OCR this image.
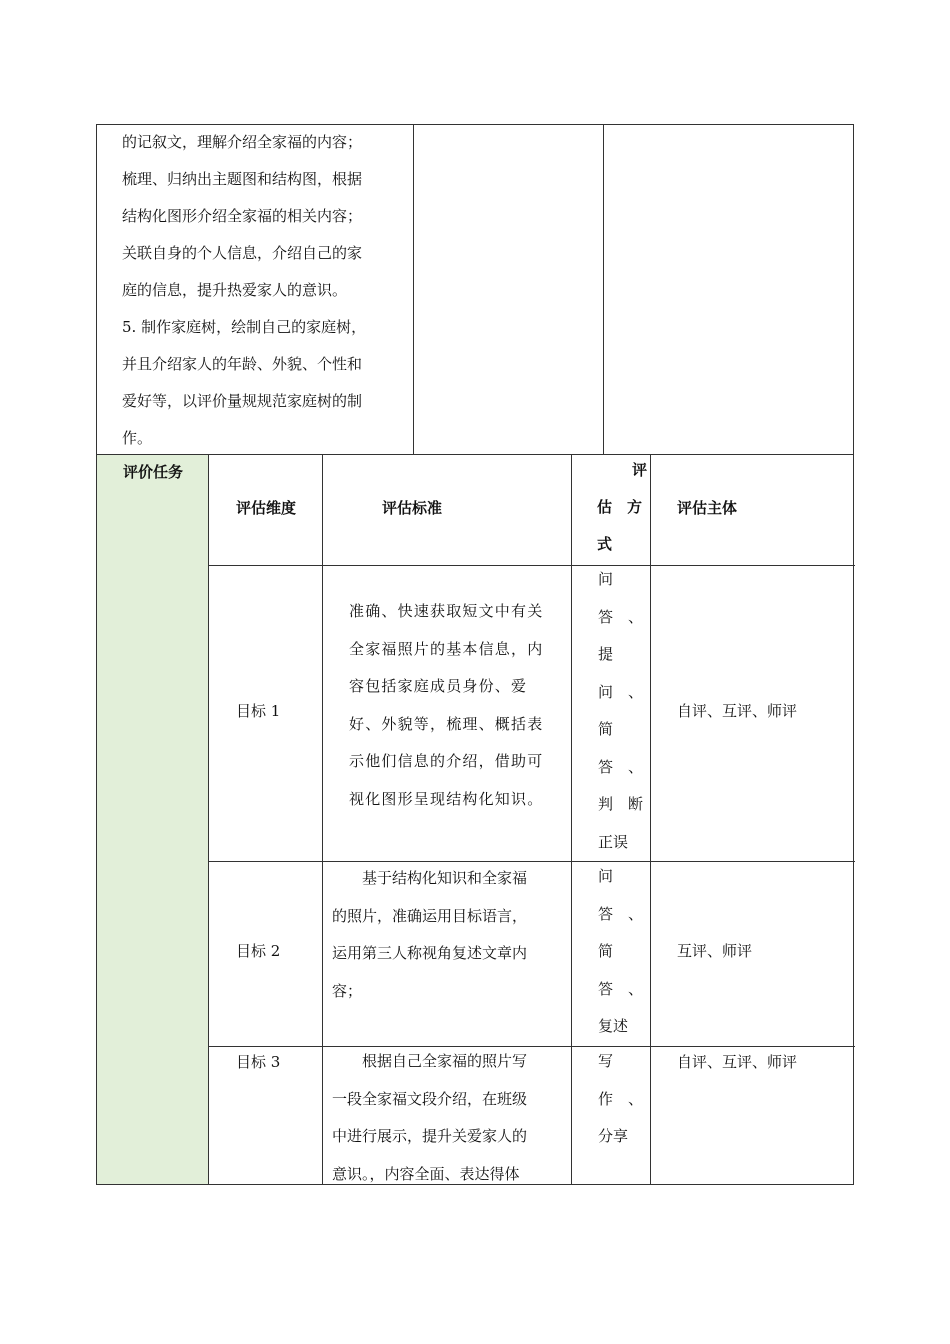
的记叙文，理解介绍全家福的内容；
梳理、归纳出主题图和结构图，根据
结构化图形介绍全家福的相关内容；
关联自身的个人信息，介绍自己的家
庭的信息，提升热爱家人的意识。
5. 制作家庭树，绘制自己的家庭树，
并且介绍家人的年龄、外貌、个性和
爱好等，以评价量规规范家庭树的制
作。
评价任务
评估维度	评估标准
评
估　方
式
评估主体
目标 1
准确、快速获取短文中有关
全家福照片的基本信息，内
容包括家庭成员身份、爱
好、外貌等，梳理、概括表
示他们信息的介绍，借助可
视化图形呈现结构化知识。
问
答　、
提
问　、
简
答　、
判　断
正误
自评、互评、师评
目标 2
　　基于结构化知识和全家福
的照片，准确运用目标语言，
运用第三人称视角复述文章内
容；
问
答　、
简
答　、
复述
互评、师评
目标 3	　　根据自己全家福的照片写
一段全家福文段介绍，在班级
中进行展示，提升关爱家人的
意识。，内容全面、表达得体
写
作　、
分享
自评、互评、师评
